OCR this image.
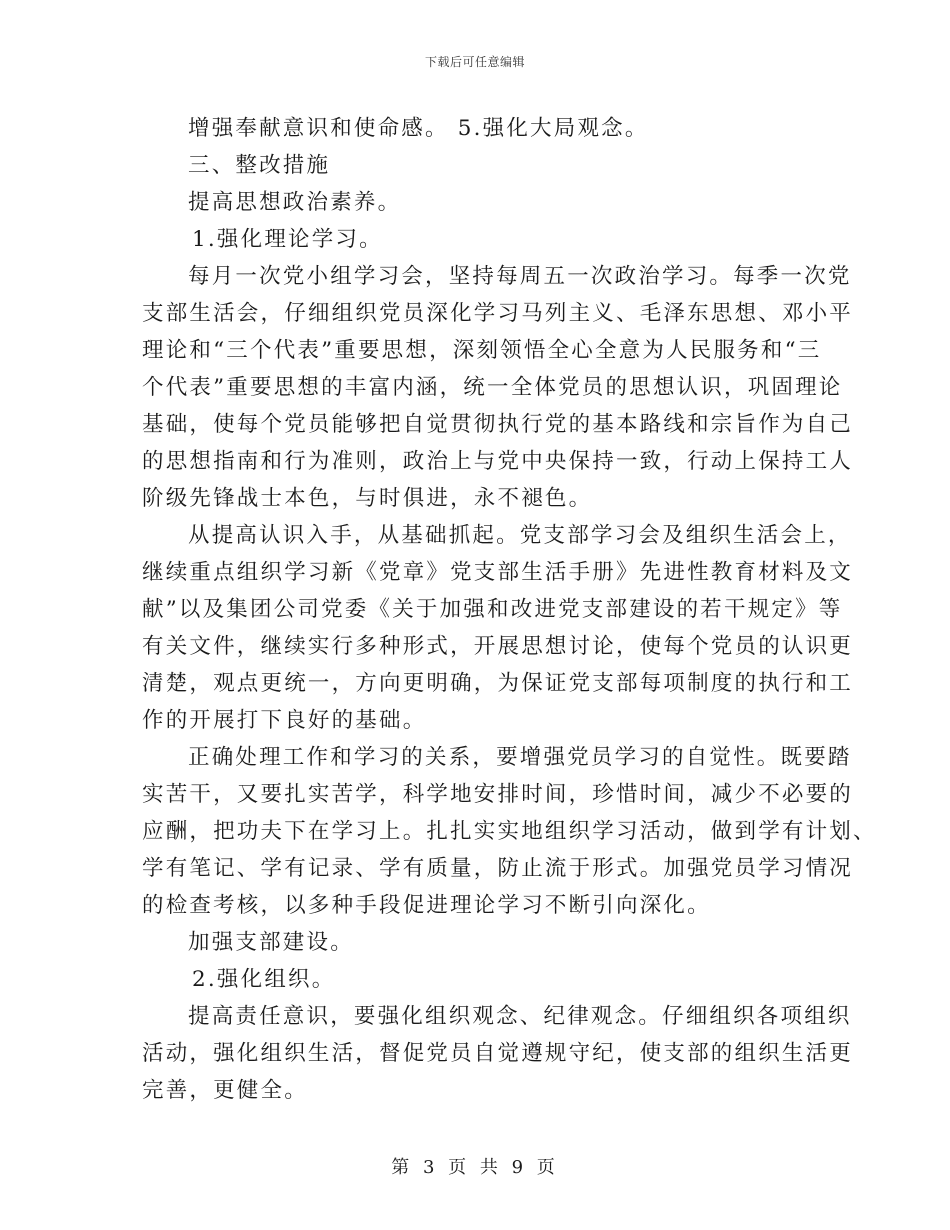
下载后可任意编辑
增强奉献意识和使命感。 5.强化大局观念。
三、整改措施
提高思想政治素养。
1.强化理论学习。
每月一次党小组学习会，坚持每周五一次政治学习。每季一次党
支部生活会，仔细组织党员深化学习马列主义、毛泽东思想、邓小平
理论和“三个代表”重要思想，深刻领悟全心全意为人民服务和“三
个代表”重要思想的丰富内涵，统一全体党员的思想认识，巩固理论
基础，使每个党员能够把自觉贯彻执行党的基本路线和宗旨作为自己
的思想指南和行为准则，政治上与党中央保持一致，行动上保持工人
阶级先锋战士本色，与时俱进，永不褪色。
从提高认识入手，从基础抓起。党支部学习会及组织生活会上，
继续重点组织学习新《党章》党支部生活手册》先进性教育材料及文
献”以及集团公司党委《关于加强和改进党支部建设的若干规定》等
有关文件，继续实行多种形式，开展思想讨论，使每个党员的认识更
清楚，观点更统一，方向更明确，为保证党支部每项制度的执行和工
作的开展打下良好的基础。
正确处理工作和学习的关系，要增强党员学习的自觉性。既要踏
实苦干，又要扎实苦学，科学地安排时间，珍惜时间，减少不必要的
应酬，把功夫下在学习上。扎扎实实地组织学习活动，做到学有计划、
学有笔记、学有记录、学有质量，防止流于形式。加强党员学习情况
的检查考核，以多种手段促进理论学习不断引向深化。
加强支部建设。
2.强化组织。
提高责任意识，要强化组织观念、纪律观念。仔细组织各项组织
活动，强化组织生活，督促党员自觉遵规守纪，使支部的组织生活更
完善，更健全。
第 3 页 共 9 页
